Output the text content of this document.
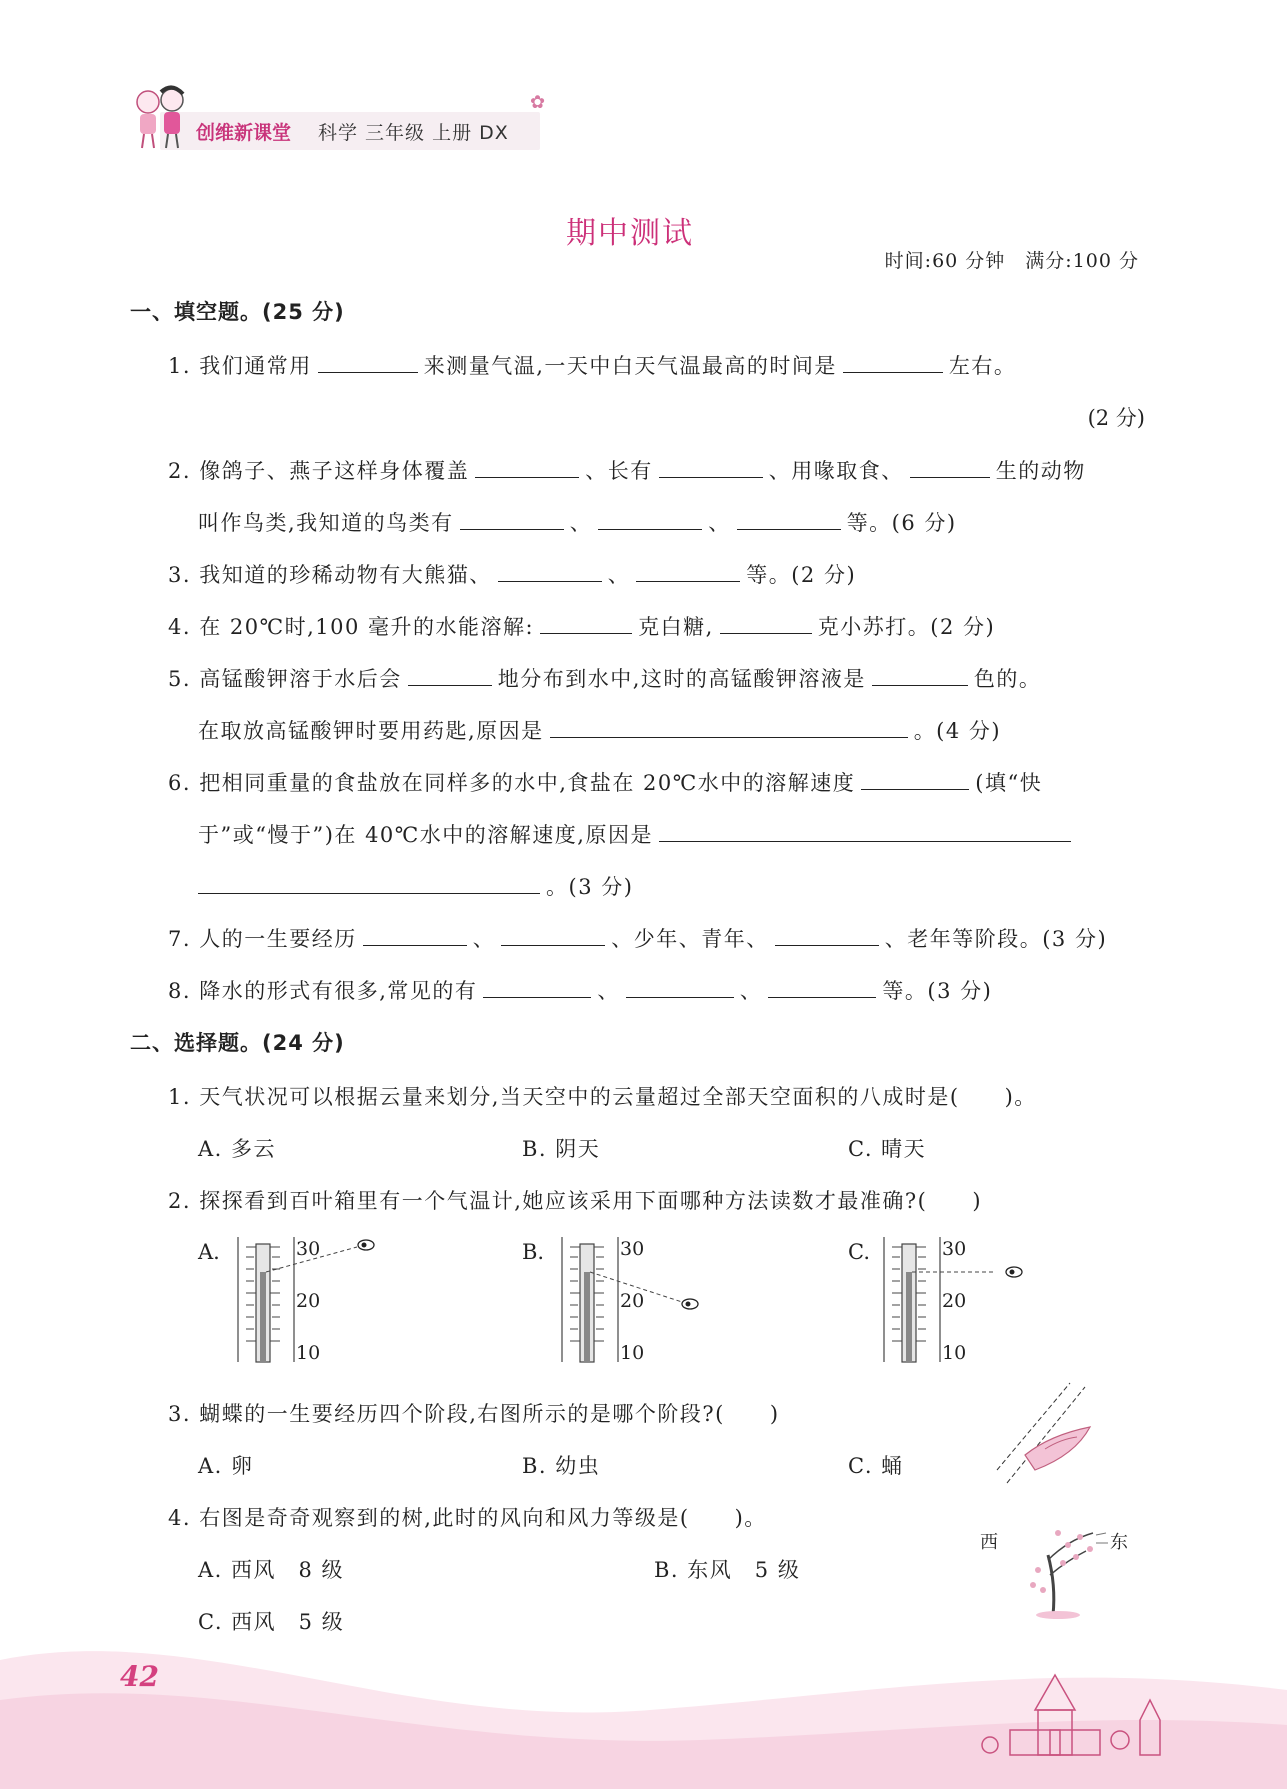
创维新课堂 科学 三年级 上册 DX
✿
期中测试
时间:60 分钟　满分:100 分
一、填空题。(25 分)
1. 我们通常用	来测量气温,一天中白天气温最高的时间是	左右。
(2 分)
2. 像鸽子、燕子这样身体覆盖	、长有	、用喙取食、	生的动物
叫作鸟类,我知道的鸟类有	、	、	等。(6 分)
3. 我知道的珍稀动物有大熊猫、	、	等。(2 分)
4. 在 20℃时,100 毫升的水能溶解:	克白糖,	克小苏打。(2 分)
5. 高锰酸钾溶于水后会	地分布到水中,这时的高锰酸钾溶液是	色的。
在取放高锰酸钾时要用药匙,原因是	。(4 分)
6. 把相同重量的食盐放在同样多的水中,食盐在 20℃水中的溶解速度	(填“快
于”或“慢于”)在 40℃水中的溶解速度,原因是
。(3 分)
7. 人的一生要经历	、	、少年、青年、	、老年等阶段。(3 分)
8. 降水的形式有很多,常见的有	、	、	等。(3 分)
二、选择题。(24 分)
1. 天气状况可以根据云量来划分,当天空中的云量超过全部天空面积的八成时是(　　)。
A. 多云	B. 阴天	C. 晴天
2. 探探看到百叶箱里有一个气温计,她应该采用下面哪种方法读数才最准确?(　　)
A.	30
20
10
B.	30
20
10
C.	30
20
10
3. 蝴蝶的一生要经历四个阶段,右图所示的是哪个阶段?(　　)
A. 卵	B. 幼虫	C. 蛹
4. 右图是奇奇观察到的树,此时的风向和风力等级是(　　)。
A. 西风　8 级	B. 东风　5 级
C. 西风　5 级
西	东
42
